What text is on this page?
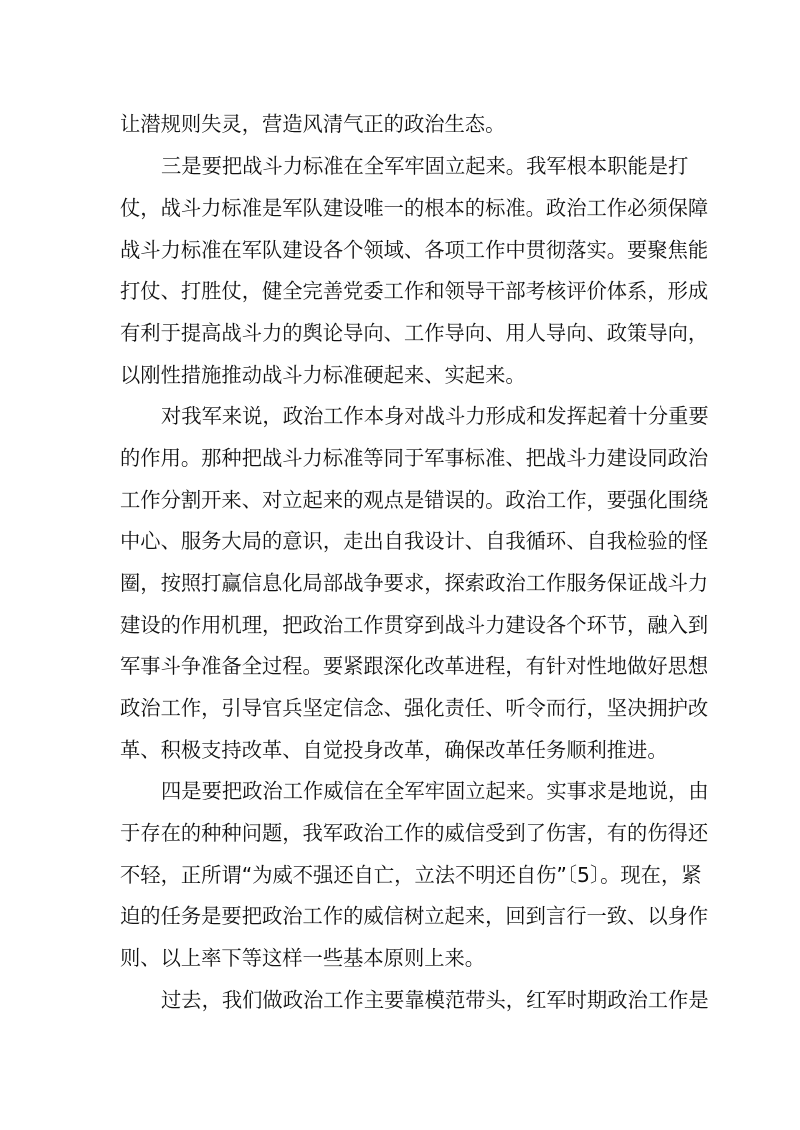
让潜规则失灵，营造风清气正的政治生态。
三是要把战斗力标准在全军牢固立起来。我军根本职能是打
仗，战斗力标准是军队建设唯一的根本的标准。政治工作必须保障
战斗力标准在军队建设各个领域、各项工作中贯彻落实。要聚焦能
打仗、打胜仗，健全完善党委工作和领导干部考核评价体系，形成
有利于提高战斗力的舆论导向、工作导向、用人导向、政策导向，
以刚性措施推动战斗力标准硬起来、实起来。
对我军来说，政治工作本身对战斗力形成和发挥起着十分重要
的作用。那种把战斗力标准等同于军事标准、把战斗力建设同政治
工作分割开来、对立起来的观点是错误的。政治工作，要强化围绕
中心、服务大局的意识，走出自我设计、自我循环、自我检验的怪
圈，按照打赢信息化局部战争要求，探索政治工作服务保证战斗力
建设的作用机理，把政治工作贯穿到战斗力建设各个环节，融入到
军事斗争准备全过程。要紧跟深化改革进程，有针对性地做好思想
政治工作，引导官兵坚定信念、强化责任、听令而行，坚决拥护改
革、积极支持改革、自觉投身改革，确保改革任务顺利推进。
四是要把政治工作威信在全军牢固立起来。实事求是地说，由
于存在的种种问题，我军政治工作的威信受到了伤害，有的伤得还
不轻，正所谓“为威不强还自亡，立法不明还自伤”〔5〕。现在，紧
迫的任务是要把政治工作的威信树立起来，回到言行一致、以身作
则、以上率下等这样一些基本原则上来。
过去，我们做政治工作主要靠模范带头，红军时期政治工作是
